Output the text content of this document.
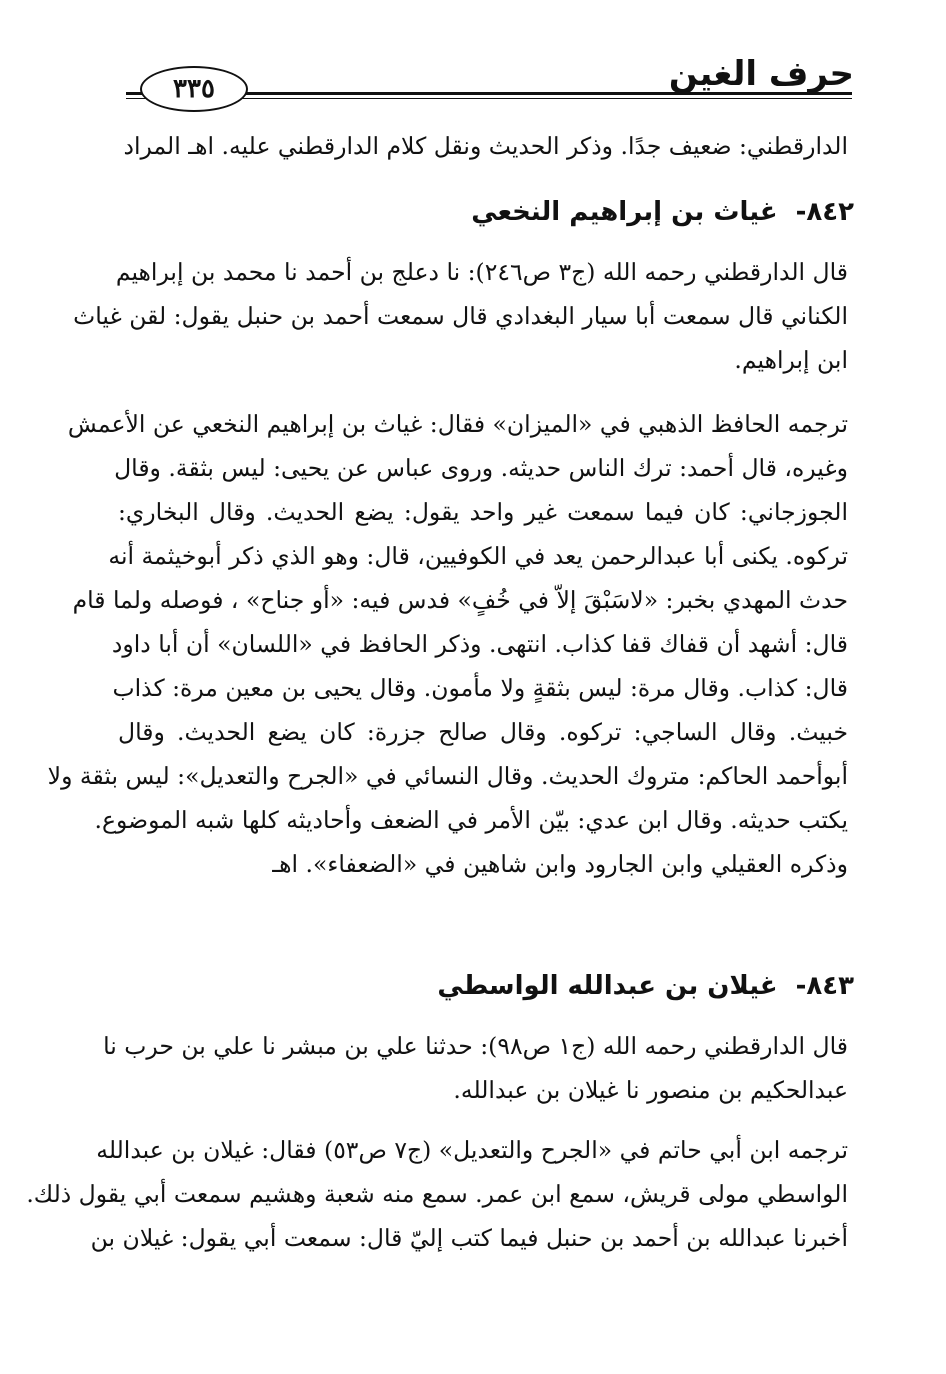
حرف الغين
٣٣٥
الدارقطني: ضعيف جدًا. وذكر الحديث ونقل كلام الدارقطني عليه. اهـ المراد
٨٤٢-غياث بن إبراهيم النخعي
قال الدارقطني رحمه الله (ج٣ ص٢٤٦): نا دعلج بن أحمد نا محمد بن إبراهيم
الكناني قال سمعت أبا سيار البغدادي قال سمعت أحمد بن حنبل يقول: لقن غياث
ابن إبراهيم.
ترجمه الحافظ الذهبي في «الميزان» فقال: غياث بن إبراهيم النخعي عن الأعمش
وغيره، قال أحمد: ترك الناس حديثه. وروى عباس عن يحيى: ليس بثقة. وقال
الجوزجاني: كان فيما سمعت غير واحد يقول: يضع الحديث. وقال البخاري:
تركوه. يكنى أبا عبدالرحمن يعد في الكوفيين، قال: وهو الذي ذكر أبوخيثمة أنه
حدث المهدي بخبر: «لاسَبْقَ إلاّ في خُفٍ» فدس فيه: «أو جناح» ، فوصله ولما قام
قال: أشهد أن قفاك قفا كذاب. انتهى. وذكر الحافظ في «اللسان» أن أبا داود
قال: كذاب. وقال مرة: ليس بثقةٍ ولا مأمون. وقال يحيى بن معين مرة: كذاب
خبيث. وقال الساجي: تركوه. وقال صالح جزرة: كان يضع الحديث. وقال
أبوأحمد الحاكم: متروك الحديث. وقال النسائي في «الجرح والتعديل»: ليس بثقة ولا
يكتب حديثه. وقال ابن عدي: بيّن الأمر في الضعف وأحاديثه كلها شبه الموضوع.
وذكره العقيلي وابن الجارود وابن شاهين في «الضعفاء». اهـ
٨٤٣-غيلان بن عبدالله الواسطي
قال الدارقطني رحمه الله (ج١ ص٩٨): حدثنا علي بن مبشر نا علي بن حرب نا
عبدالحكيم بن منصور نا غيلان بن عبدالله.
ترجمه ابن أبي حاتم في «الجرح والتعديل» (ج٧ ص٥٣) فقال: غيلان بن عبدالله
الواسطي مولى قريش، سمع ابن عمر. سمع منه شعبة وهشيم سمعت أبي يقول ذلك.
أخبرنا عبدالله بن أحمد بن حنبل فيما كتب إليّ قال: سمعت أبي يقول: غيلان بن
